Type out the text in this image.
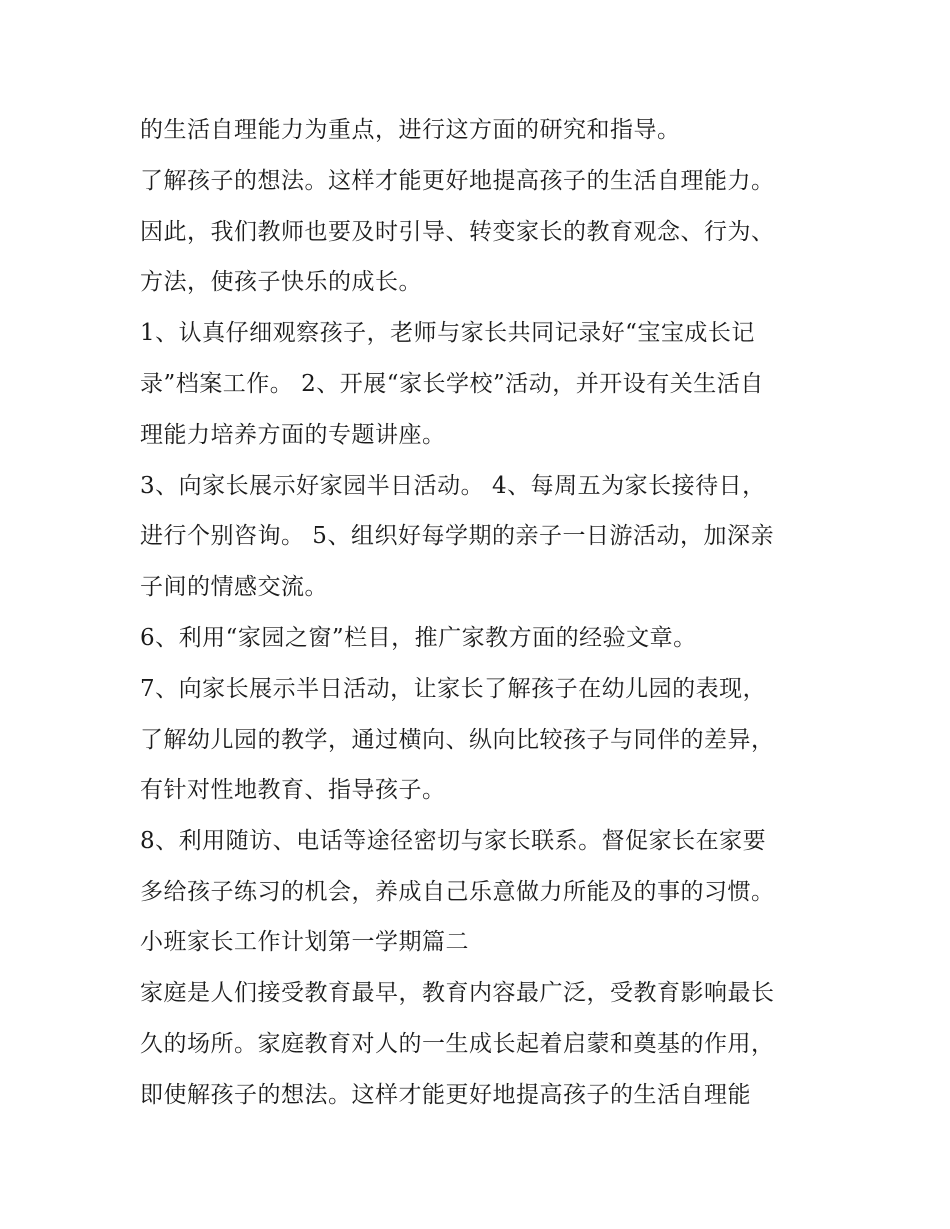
的生活自理能力为重点，进行这方面的研究和指导。
了解孩子的想法。这样才能更好地提高孩子的生活自理能力。
因此，我们教师也要及时引导、转变家长的教育观念、行为、
方法，使孩子快乐的成长。
1、认真仔细观察孩子，老师与家长共同记录好“宝宝成长记
录”档案工作。 2、开展“家长学校”活动，并开设有关生活自
理能力培养方面的专题讲座。
3、向家长展示好家园半日活动。 4、每周五为家长接待日，
进行个别咨询。 5、组织好每学期的亲子一日游活动，加深亲
子间的情感交流。
6、利用“家园之窗”栏目，推广家教方面的经验文章。
7、向家长展示半日活动，让家长了解孩子在幼儿园的表现，
了解幼儿园的教学，通过横向、纵向比较孩子与同伴的差异，
有针对性地教育、指导孩子。
8、利用随访、电话等途径密切与家长联系。督促家长在家要
多给孩子练习的机会，养成自己乐意做力所能及的事的习惯。
小班家长工作计划第一学期篇二
家庭是人们接受教育最早，教育内容最广泛，受教育影响最长
久的场所。家庭教育对人的一生成长起着启蒙和奠基的作用，
即使解孩子的想法。这样才能更好地提高孩子的生活自理能
